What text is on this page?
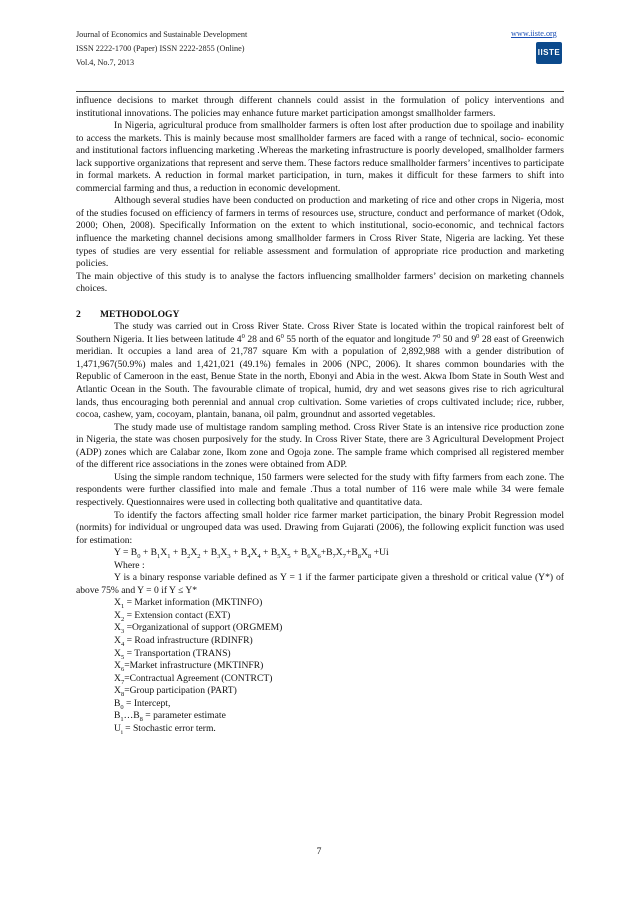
Journal of Economics and Sustainable Development	www.iiste.org
ISSN 2222-1700 (Paper) ISSN 2222-2855 (Online)
Vol.4, No.7, 2013
IISTE

influence decisions to market through different channels could assist in the formulation of policy interventions and institutional innovations. The policies may enhance future market participation amongst smallholder farmers.

In Nigeria, agricultural produce from smallholder farmers is often lost after production due to spoilage and inability to access the markets. This is mainly because most smallholder farmers are faced with a range of technical, socio- economic and institutional factors influencing marketing .Whereas the marketing infrastructure is poorly developed, smallholder farmers lack supportive organizations that represent and serve them. These factors reduce smallholder farmers’ incentives to participate in formal markets. A reduction in formal market participation, in turn, makes it difficult for these farmers to shift into commercial farming and thus, a reduction in economic development.

Although several studies have been conducted on production and marketing of rice and other crops in Nigeria, most of the studies focused on efficiency of farmers in terms of resources use, structure, conduct and performance of market (Odok, 2000; Ohen, 2008). Specifically Information on the extent to which institutional, socio-economic, and technical factors influence the marketing channel decisions among smallholder farmers in Cross River State, Nigeria are lacking. Yet these types of studies are very essential for reliable assessment and formulation of appropriate rice production and marketing policies.

The main objective of this study is to analyse the factors influencing smallholder farmers’ decision on marketing channels choices.

2 METHODOLOGY

The study was carried out in Cross River State. Cross River State is located within the tropical rainforest belt of Southern Nigeria. It lies between latitude $4^0$ 28 and $6^0$ 55 north of the equator and longitude $7^0$ 50 and $9^0$ 28 east of Greenwich meridian. It occupies a land area of 21,787 square Km with a population of 2,892,988 with a gender distribution of 1,471,967(50.9%) males and 1,421,021 (49.1%) females in 2006 (NPC, 2006). It shares common boundaries with the Republic of Cameroon in the east, Benue State in the north, Ebonyi and Abia in the west. Akwa Ibom State in South West and Atlantic Ocean in the South. The favourable climate of tropical, humid, dry and wet seasons gives rise to rich agricultural lands, thus encouraging both perennial and annual crop cultivation. Some varieties of crops cultivated include; rice, rubber, cocoa, cashew, yam, cocoyam, plantain, banana, oil palm, groundnut and assorted vegetables.

The study made use of multistage random sampling method. Cross River State is an intensive rice production zone in Nigeria, the state was chosen purposively for the study. In Cross River State, there are 3 Agricultural Development Project (ADP) zones which are Calabar zone, Ikom zone and Ogoja zone. The sample frame which comprised all registered member of the different rice associations in the zones were obtained from ADP.

Using the simple random technique, 150 farmers were selected for the study with fifty farmers from each zone. The respondents were further classified into male and female .Thus a total number of 116 were male while 34 were female respectively. Questionnaires were used in collecting both qualitative and quantitative data.

To identify the factors affecting small holder rice farmer market participation, the binary Probit Regression model (normits) for individual or ungrouped data was used. Drawing from Gujarati (2006), the following explicit function was used for estimation:

$Y = B_0 + B_1X_1 + B_2X_2 + B_3X_3 + B_4X_4 + B_5X_5 + B_6X_6+B_7X_7+B_8X_8 +Ui$

Where :

Y is a binary response variable defined as Y = 1 if the farmer participate given a threshold or critical value (Y*) of above 75% and Y = 0 if Y ≤ Y*

$X_1$ = Market information (MKTINFO)

$X_2$ = Extension contact (EXT)

$X_3$ =Organizational of support (ORGMEM)

$X_4$ = Road infrastructure (RDINFR)

$X_5$ = Transportation (TRANS)

$X_6=Market$ infrastructure (MKTINFR)

$X_7=Contractual$ Agreement (CONTRCT)

$X_8=Group$ participation (PART)

$B_0$ = Intercept,

$B_1\dots B_8$ = parameter estimate

$U_i$ = Stochastic error term.

7
